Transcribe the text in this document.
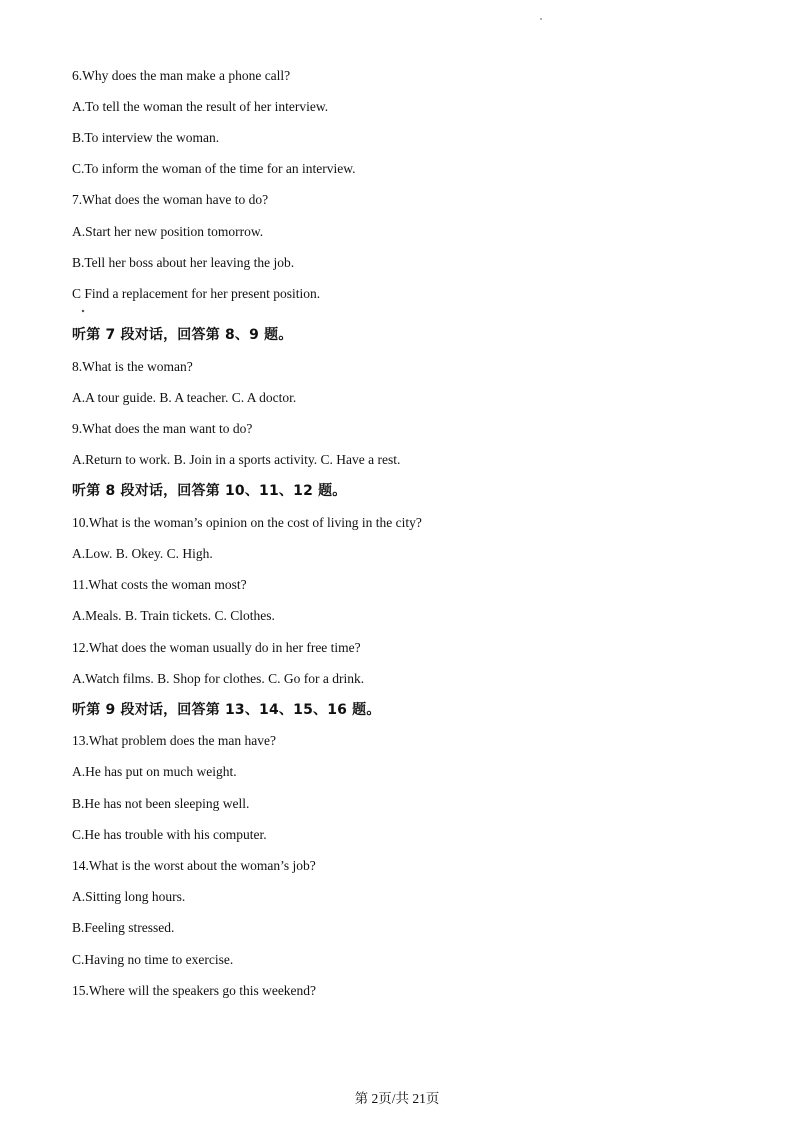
6.Why does the man make a phone call?
A.To tell the woman the result of her interview.
B.To interview the woman.
C.To inform the woman of the time for an interview.
7.What does the woman have to do?
A.Start her new position tomorrow.
B.Tell her boss about her leaving the job.
C Find a replacement for her present position.
听第 7 段对话，回答第 8、9 题。
8.What is the woman?
A.A tour guide. B. A teacher. C. A doctor.
9.What does the man want to do?
A.Return to work. B. Join in a sports activity. C. Have a rest.
听第 8 段对话，回答第 10、11、12 题。
10.What is the woman’s opinion on the cost of living in the city?
A.Low. B. Okey. C. High.
11.What costs the woman most?
A.Meals. B. Train tickets. C. Clothes.
12.What does the woman usually do in her free time?
A.Watch films. B. Shop for clothes. C. Go for a drink.
听第 9 段对话，回答第 13、14、15、16 题。
13.What problem does the man have?
A.He has put on much weight.
B.He has not been sleeping well.
C.He has trouble with his computer.
14.What is the worst about the woman’s job?
A.Sitting long hours.
B.Feeling stressed.
C.Having no time to exercise.
15.Where will the speakers go this weekend?
第 2页/共 21页
